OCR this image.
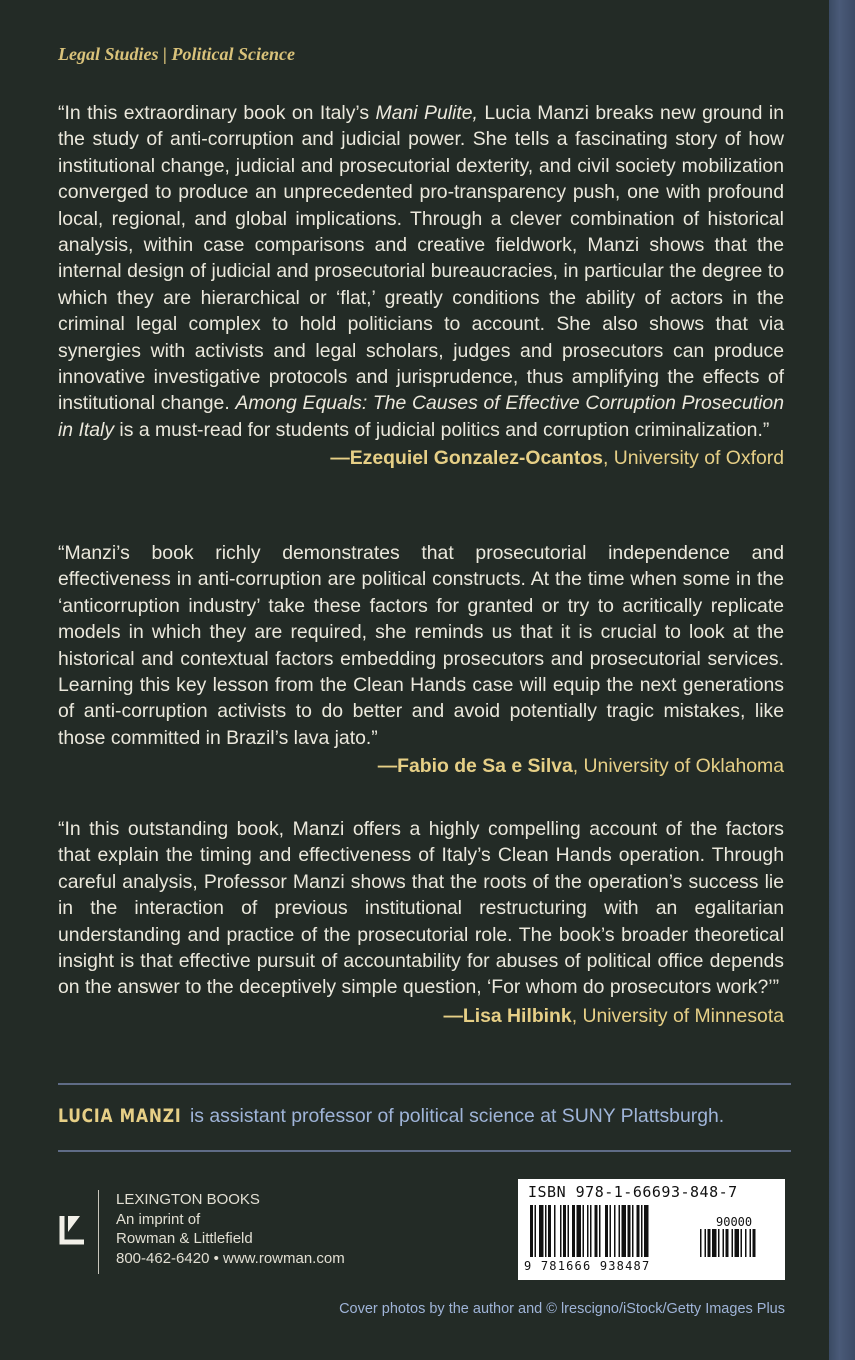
Legal Studies | Political Science
“In this extraordinary book on Italy’s Mani Pulite, Lucia Manzi breaks new ground in the study of anti-corruption and judicial power. She tells a fascinating story of how institutional change, judicial and prosecutorial dexterity, and civil society mobilization converged to produce an unprecedented pro-transparency push, one with profound local, regional, and global implications. Through a clever combination of historical analysis, within case comparisons and creative fieldwork, Manzi shows that the internal design of judicial and prosecutorial bureaucracies, in particular the degree to which they are hierarchical or ‘flat,’ greatly conditions the ability of actors in the criminal legal complex to hold politicians to account. She also shows that via synergies with activists and legal scholars, judges and prosecutors can produce innovative investigative protocols and jurisprudence, thus amplifying the effects of institutional change. Among Equals: The Causes of Effective Corruption Prosecution in Italy is a must-read for students of judicial politics and corruption criminalization.”
—Ezequiel Gonzalez-Ocantos, University of Oxford
“Manzi’s book richly demonstrates that prosecutorial independence and effectiveness in anti-corruption are political constructs. At the time when some in the ‘anticorruption industry’ take these factors for granted or try to acritically replicate models in which they are required, she reminds us that it is crucial to look at the historical and contextual factors embedding prosecutors and prosecutorial services. Learning this key lesson from the Clean Hands case will equip the next generations of anti-corruption activists to do better and avoid potentially tragic mistakes, like those committed in Brazil’s lava jato.”
—Fabio de Sa e Silva, University of Oklahoma
“In this outstanding book, Manzi offers a highly compelling account of the factors that explain the timing and effectiveness of Italy’s Clean Hands operation. Through careful analysis, Professor Manzi shows that the roots of the operation’s success lie in the interaction of previous institutional restructuring with an egalitarian understanding and practice of the prosecutorial role. The book’s broader theoretical insight is that effective pursuit of accountability for abuses of political office depends on the answer to the deceptively simple question, ‘For whom do prosecutors work?’”
—Lisa Hilbink, University of Minnesota
LUCIA MANZI is assistant professor of political science at SUNY Plattsburgh.
LEXINGTON BOOKS
An imprint of
Rowman & Littlefield
800-462-6420 • www.rowman.com
ISBN 978-1-66693-848-7
90000
9 781666 938487
Cover photos by the author and © lrescigno/iStock/Getty Images Plus
